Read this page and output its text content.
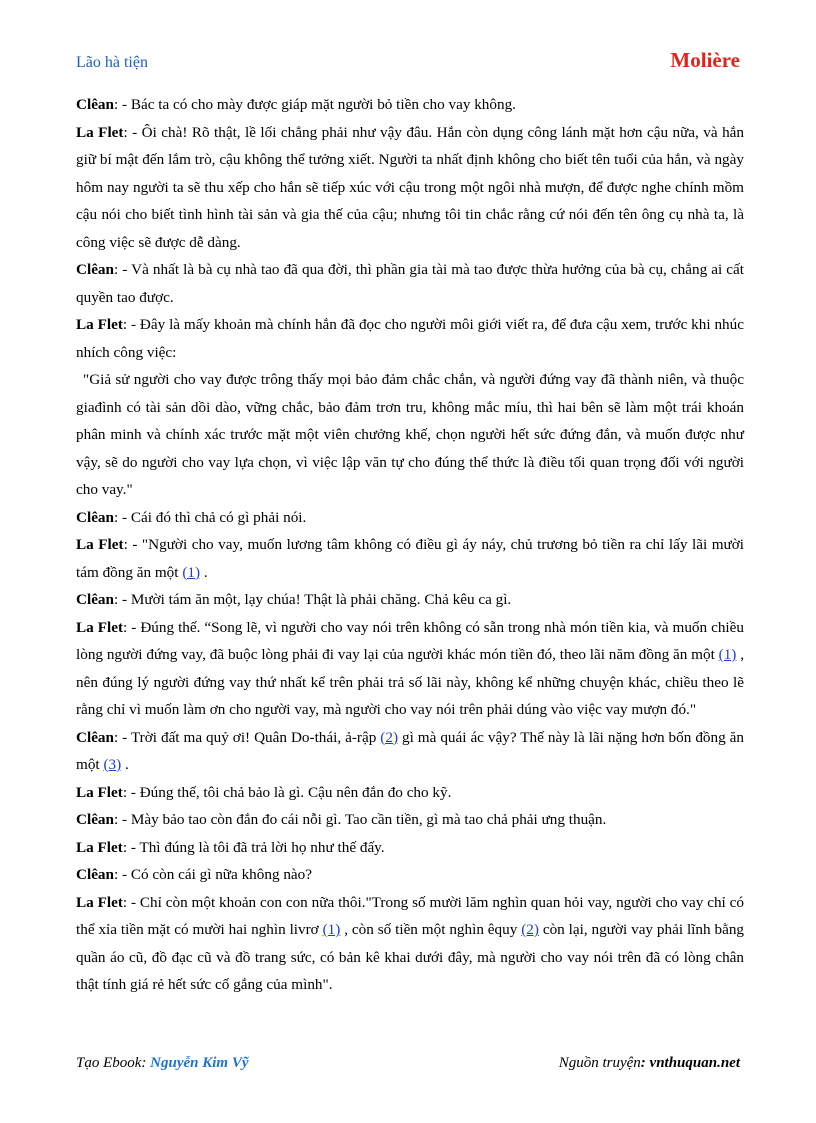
Lão hà tiện	Molière

Clêan: - Bác ta có cho mày được giáp mặt người bỏ tiền cho vay không.

La Flet: - Ôi chà! Rõ thật, lề lối chẳng phải như vậy đâu. Hắn còn dụng công lánh mặt hơn cậu nữa, và hắn giữ bí mật đến lắm trò, cậu không thể tưởng xiết. Người ta nhất định không cho biết tên tuổi của hắn, và ngày hôm nay người ta sẽ thu xếp cho hắn sẽ tiếp xúc với cậu trong một ngôi nhà mượn, để được nghe chính mồm cậu nói cho biết tình hình tài sản và gia thế của cậu; nhưng tôi tin chắc rằng cứ nói đến tên ông cụ nhà ta, là công việc sẽ được dễ dàng.

Clêan: - Và nhất là bà cụ nhà tao đã qua đời, thì phần gia tài mà tao được thừa hưởng của bà cụ, chẳng ai cất quyền tao được.

La Flet: - Đây là mấy khoản mà chính hắn đã đọc cho người môi giới viết ra, để đưa cậu xem, trước khi nhúc nhích công việc:

"Giả sử người cho vay được trông thấy mọi bảo đảm chắc chắn, và người đứng vay đã thành niên, và thuộc giađình có tài sản dồi dào, vững chắc, bảo đảm trơn tru, không mắc míu, thì hai bên sẽ làm một trái khoán phân minh và chính xác trước mặt một viên chưởng khế, chọn người hết sức đứng đắn, và muốn được như vậy, sẽ do người cho vay lựa chọn, vì việc lập văn tự cho đúng thể thức là điều tối quan trọng đối với người cho vay."

Clêan: - Cái đó thì chả có gì phải nói.

La Flet: - "Người cho vay, muốn lương tâm không có điều gì áy náy, chủ trương bỏ tiền ra chỉ lấy lãi mười tám đồng ăn một (1) .

Clêan: - Mười tám ăn một, lạy chúa! Thật là phải chăng. Chả kêu ca gì.

La Flet: - Đúng thế. “Song lẽ, vì người cho vay nói trên không có sẵn trong nhà món tiền kia, và muốn chiều lòng người đứng vay, đã buộc lòng phải đi vay lại của người khác món tiền đó, theo lãi năm đồng ăn một (1) , nên đúng lý người đứng vay thứ nhất kể trên phải trả số lãi này, không kể những chuyện khác, chiều theo lẽ rằng chỉ vì muốn làm ơn cho người vay, mà người cho vay nói trên phải dúng vào việc vay mượn đó."

Clêan: - Trời đất ma quỷ ơi! Quân Do-thái, ả-rập (2) gì mà quái ác vậy? Thế này là lãi nặng hơn bốn đồng ăn một (3) .

La Flet: - Đúng thế, tôi chả bảo là gì. Cậu nên đắn đo cho kỹ.

Clêan: - Mày bảo tao còn đắn đo cái nỗi gì. Tao cần tiền, gì mà tao chả phải ưng thuận.

La Flet: - Thì đúng là tôi đã trả lời họ như thế đấy.

Clêan: - Có còn cái gì nữa không nào?

La Flet: - Chỉ còn một khoản con con nữa thôi."Trong số mười lăm nghìn quan hỏi vay, người cho vay chỉ có thể xỉa tiền mặt có mười hai nghìn livrơ (1) , còn số tiền một nghìn êquy (2) còn lại, người vay phải lĩnh bằng quần áo cũ, đồ đạc cũ và đồ trang sức, có bản kê khai dưới đây, mà người cho vay nói trên đã có lòng chân thật tính giá rẻ hết sức cố gắng của mình".

Tạo Ebook: Nguyễn Kim Vỹ	Nguồn truyện: vnthuquan.net
